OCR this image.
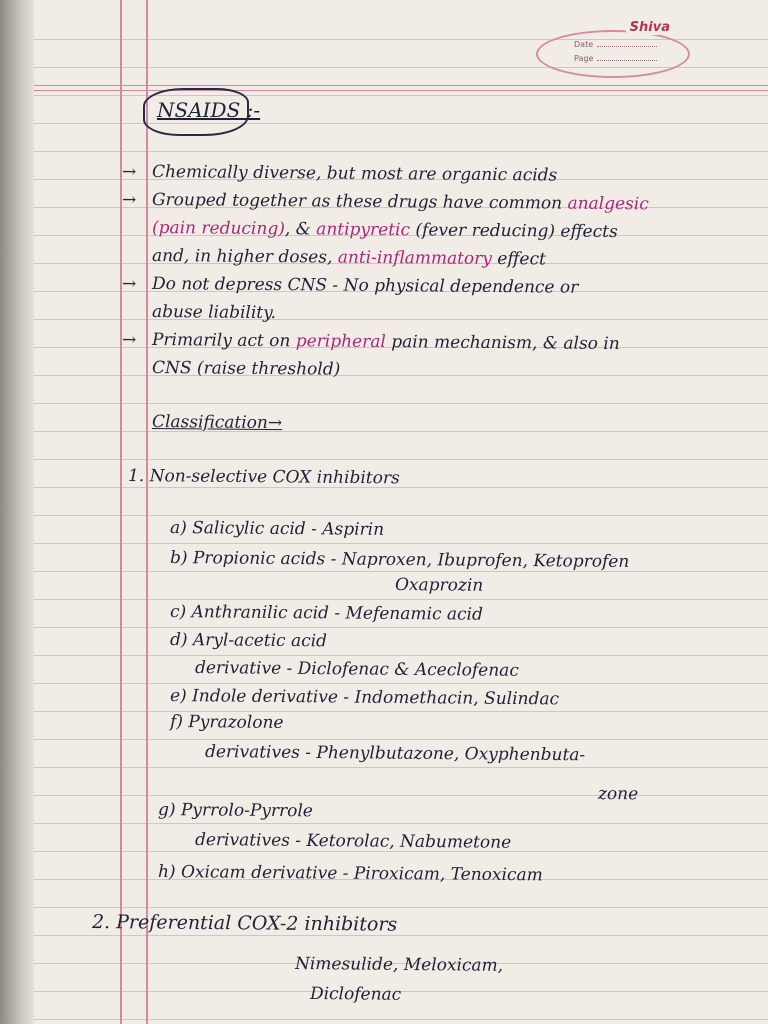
Shiva
Date
Page
NSAIDS :-

→ Chemically diverse, but most are organic acids

→ Grouped together as these drugs have common analgesic

(pain reducing), & antipyretic (fever reducing) effects

and, in higher doses, anti-inflammatory effect

→ Do not depress CNS - No physical dependence or

abuse liability.

→ Primarily act on peripheral pain mechanism, & also in

CNS (raise threshold)

Classification→

1. Non-selective COX inhibitors

a) Salicylic acid - Aspirin

b) Propionic acids - Naproxen, Ibuprofen, Ketoprofen

Oxaprozin

c) Anthranilic acid - Mefenamic acid

d) Aryl-acetic acid

derivative - Diclofenac & Aceclofenac

e) Indole derivative - Indomethacin, Sulindac

f) Pyrazolone

derivatives - Phenylbutazone, Oxyphenbuta-

zone

g) Pyrrolo-Pyrrole

derivatives - Ketorolac, Nabumetone

h) Oxicam derivative - Piroxicam, Tenoxicam

2. Preferential COX-2 inhibitors

Nimesulide, Meloxicam,

Diclofenac
